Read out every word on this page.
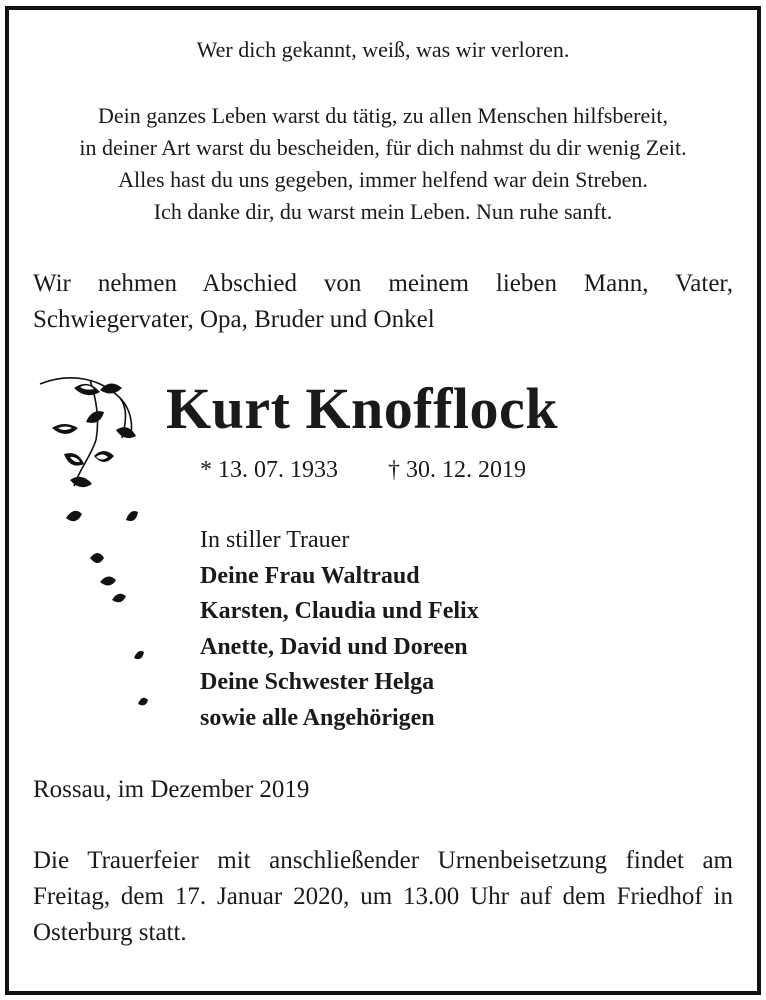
Wer dich gekannt, weiß, was wir verloren.
Dein ganzes Leben warst du tätig, zu allen Menschen hilfsbereit,
in deiner Art warst du bescheiden, für dich nahmst du dir wenig Zeit.
Alles hast du uns gegeben, immer helfend war dein Streben.
Ich danke dir, du warst mein Leben. Nun ruhe sanft.
Wir nehmen Abschied von meinem lieben Mann, Vater, Schwiegervater, Opa, Bruder und Onkel
Kurt Knofflock
* 13. 07. 1933 † 30. 12. 2019
In stiller Trauer
Deine Frau Waltraud
Karsten, Claudia und Felix
Anette, David und Doreen
Deine Schwester Helga
sowie alle Angehörigen
Rossau, im Dezember 2019
Die Trauerfeier mit anschließender Urnenbeisetzung findet am Freitag, dem 17. Januar 2020, um 13.00 Uhr auf dem Friedhof in Osterburg statt.
